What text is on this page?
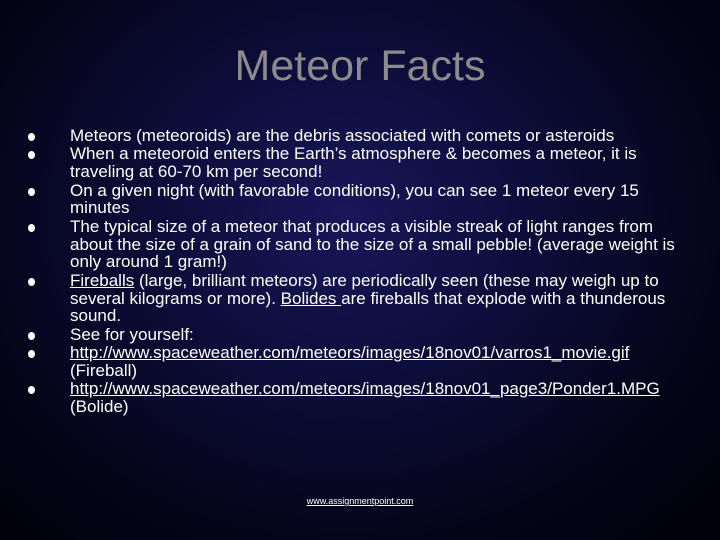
Meteor Facts
Meteors (meteoroids) are the debris associated with comets or asteroids
When a meteoroid enters the Earth’s atmosphere & becomes a meteor, it is traveling at 60-70 km per second!
On a given night (with favorable conditions), you can see 1 meteor every 15 minutes
The typical size of a meteor that produces a visible streak of light ranges from about the size of a grain of sand to the size of a small pebble! (average weight is only around 1 gram!)
Fireballs (large, brilliant meteors) are periodically seen (these may weigh up to several kilograms or more). Bolides are fireballs that explode with a thunderous sound.
See for yourself:
http://www.spaceweather.com/meteors/images/18nov01/varros1_movie.gif (Fireball)
http://www.spaceweather.com/meteors/images/18nov01_page3/Ponder1.MPG (Bolide)
www.assignmentpoint.com
